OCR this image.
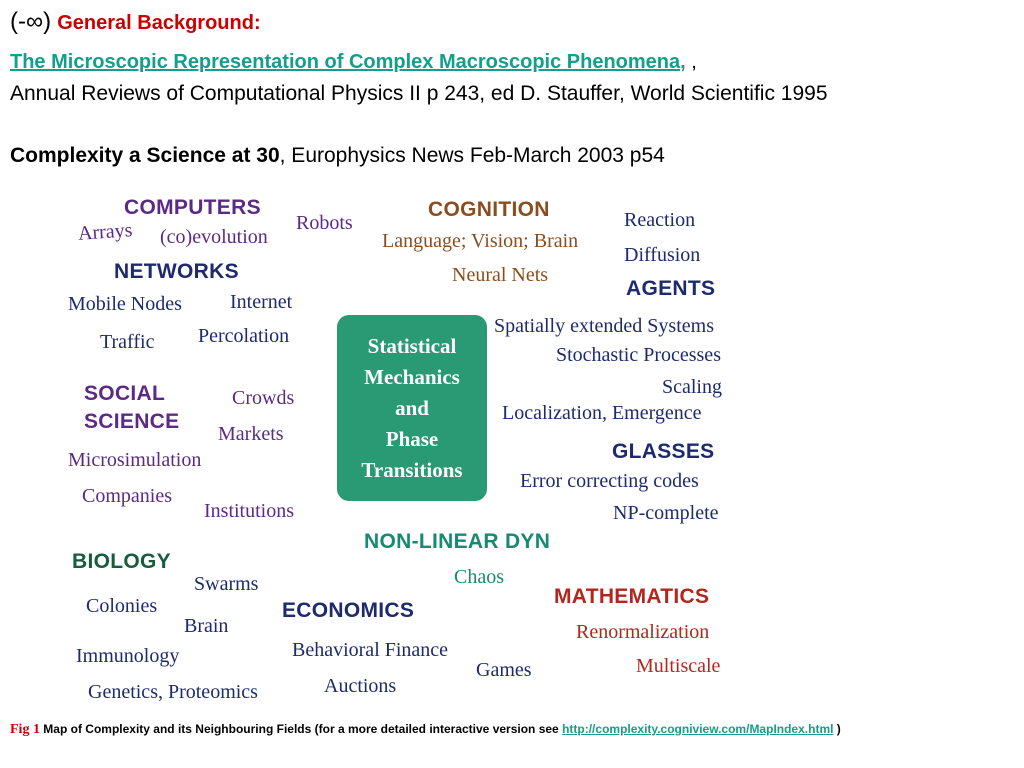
(-∞) General Background:
The Microscopic Representation of Complex Macroscopic Phenomena, ,
Annual Reviews of Computational Physics II p 243, ed D. Stauffer, World Scientific 1995
Complexity a Science at 30, Europhysics News Feb-March 2003 p54
Statistical
Mechanics
and
Phase
Transitions
COMPUTERS
Arrays (co)evolution
Robots
NETWORKS
Mobile Nodes Internet
Traffic Percolation
SOCIAL
SCIENCE
Crowds
Markets
Microsimulation
Companies
Institutions
COGNITION
Language; Vision; Brain
Neural Nets
Reaction
Diffusion
AGENTS
Spatially extended Systems
Stochastic Processes
Scaling
Localization, Emergence
GLASSES
Error correcting codes
NP-complete
NON-LINEAR DYN
Chaos
BIOLOGY
Swarms
Colonies
Brain
Immunology
Genetics, Proteomics
ECONOMICS
Behavioral Finance
Games
Auctions
MATHEMATICS
Renormalization
Multiscale
Fig 1 Map of Complexity and its Neighbouring Fields (for a more detailed interactive version see http://complexity.cogniview.com/MapIndex.html )
